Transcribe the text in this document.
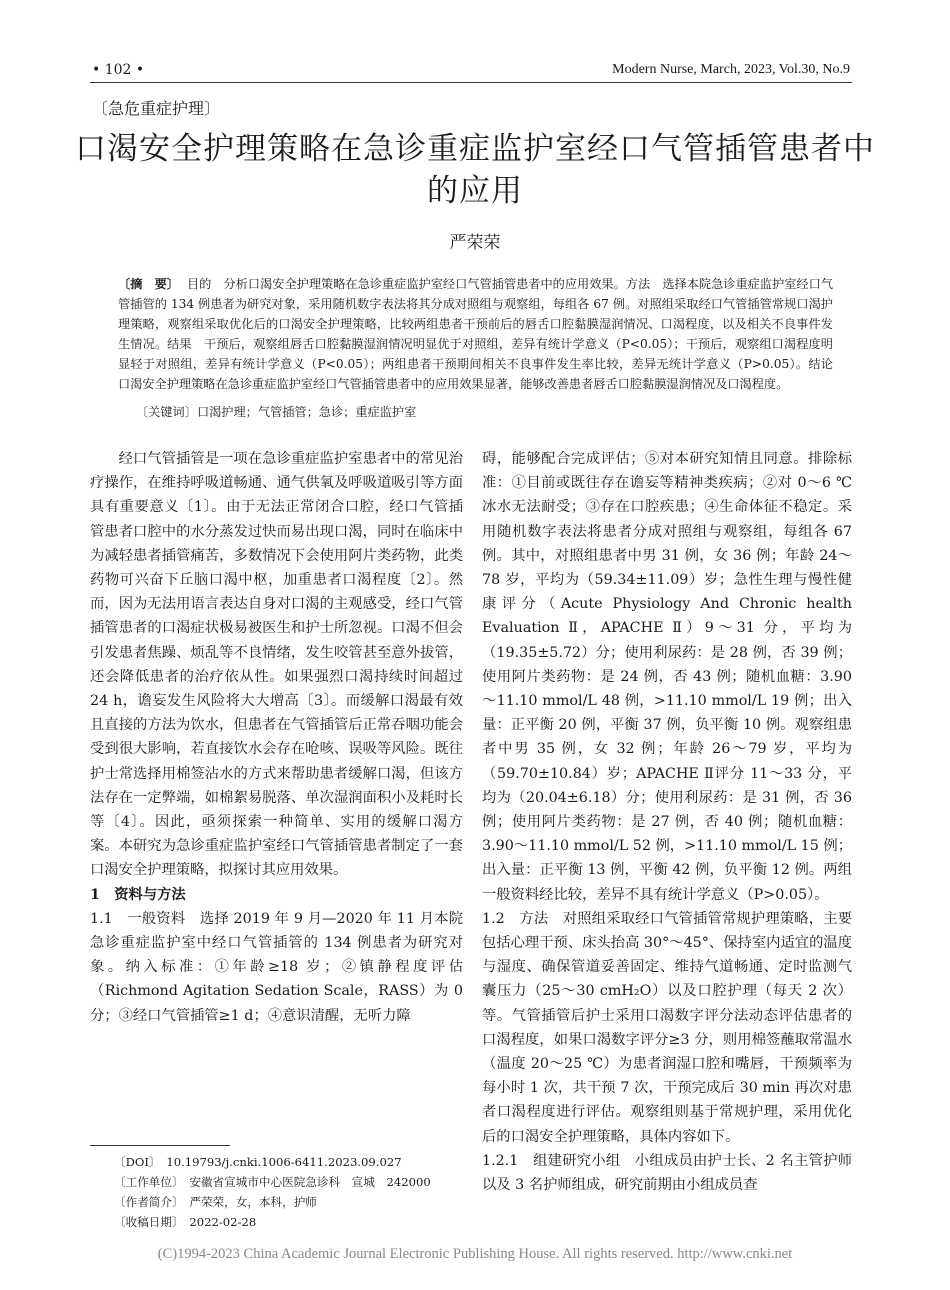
• 102 •	Modern Nurse, March, 2023, Vol.30, No.9
〔急危重症护理〕
口渴安全护理策略在急诊重症监护室经口气管插管患者中的应用
严荣荣
〔摘　要〕 目的　分析口渴安全护理策略在急诊重症监护室经口气管插管患者中的应用效果。方法　选择本院急诊重症监护室经口气管插管的 134 例患者为研究对象，采用随机数字表法将其分成对照组与观察组，每组各 67 例。对照组采取经口气管插管常规口渴护理策略，观察组采取优化后的口渴安全护理策略，比较两组患者干预前后的唇舌口腔黏膜湿润情况、口渴程度，以及相关不良事件发生情况。结果　干预后，观察组唇舌口腔黏膜湿润情况明显优于对照组，差异有统计学意义（P<0.05）；干预后，观察组口渴程度明显轻于对照组，差异有统计学意义（P<0.05）；两组患者干预期间相关不良事件发生率比较，差异无统计学意义（P>0.05）。结论　口渴安全护理策略在急诊重症监护室经口气管插管患者中的应用效果显著，能够改善患者唇舌口腔黏膜湿润情况及口渴程度。
〔关键词〕口渴护理；气管插管；急诊；重症监护室

经口气管插管是一项在急诊重症监护室患者中的常见治疗操作，在维持呼吸道畅通、通气供氧及呼吸道吸引等方面具有重要意义〔1〕。由于无法正常闭合口腔，经口气管插管患者口腔中的水分蒸发过快而易出现口渴，同时在临床中为减轻患者插管痛苦，多数情况下会使用阿片类药物，此类药物可兴奋下丘脑口渴中枢，加重患者口渴程度〔2〕。然而，因为无法用语言表达自身对口渴的主观感受，经口气管插管患者的口渴症状极易被医生和护士所忽视。口渴不但会引发患者焦躁、烦乱等不良情绪，发生咬管甚至意外拔管，还会降低患者的治疗依从性。如果强烈口渴持续时间超过 24 h，谵妄发生风险将大大增高〔3〕。而缓解口渴最有效且直接的方法为饮水，但患者在气管插管后正常吞咽功能会受到很大影响，若直接饮水会存在呛咳、误吸等风险。既往护士常选择用棉签沾水的方式来帮助患者缓解口渴，但该方法存在一定弊端，如棉絮易脱落、单次湿润面积小及耗时长等〔4〕。因此，亟须探索一种简单、实用的缓解口渴方案。本研究为急诊重症监护室经口气管插管患者制定了一套口渴安全护理策略，拟探讨其应用效果。

1　资料与方法

1.1　一般资料　选择 2019 年 9 月—2020 年 11 月本院急诊重症监护室中经口气管插管的 134 例患者为研究对象。纳入标准：①年龄≥18 岁；②镇静程度评估（Richmond Agitation Sedation Scale，RASS）为 0 分；③经口气管插管≥1 d；④意识清醒，无听力障

碍，能够配合完成评估；⑤对本研究知情且同意。排除标准：①目前或既往存在谵妄等精神类疾病；②对 0～6 ℃冰水无法耐受；③存在口腔疾患；④生命体征不稳定。采用随机数字表法将患者分成对照组与观察组，每组各 67 例。其中，对照组患者中男 31 例，女 36 例；年龄 24～78 岁，平均为（59.34±11.09）岁；急性生理与慢性健康评分（Acute Physiology And Chronic health Evaluation Ⅱ，APACHE Ⅱ）9～31 分，平均为（19.35±5.72）分；使用利尿药：是 28 例，否 39 例；使用阿片类药物：是 24 例，否 43 例；随机血糖：3.90～11.10 mmol/L 48 例，>11.10 mmol/L 19 例；出入量：正平衡 20 例，平衡 37 例，负平衡 10 例。观察组患者中男 35 例，女 32 例；年龄 26～79 岁，平均为（59.70±10.84）岁；APACHE Ⅱ评分 11～33 分，平均为（20.04±6.18）分；使用利尿药：是 31 例，否 36 例；使用阿片类药物：是 27 例，否 40 例；随机血糖：3.90～11.10 mmol/L 52 例，>11.10 mmol/L 15 例；出入量：正平衡 13 例，平衡 42 例，负平衡 12 例。两组一般资料经比较，差异不具有统计学意义（P>0.05）。

1.2　方法　对照组采取经口气管插管常规护理策略，主要包括心理干预、床头抬高 30°～45°、保持室内适宜的温度与湿度、确保管道妥善固定、维持气道畅通、定时监测气囊压力（25～30 cmH₂O）以及口腔护理（每天 2 次）等。气管插管后护士采用口渴数字评分法动态评估患者的口渴程度，如果口渴数字评分≥3 分，则用棉签蘸取常温水（温度 20～25 ℃）为患者润湿口腔和嘴唇，干预频率为每小时 1 次，共干预 7 次，干预完成后 30 min 再次对患者口渴程度进行评估。观察组则基于常规护理，采用优化后的口渴安全护理策略，具体内容如下。

1.2.1　组建研究小组　小组成员由护士长、2 名主管护师以及 3 名护师组成，研究前期由小组成员查

〔DOI〕　10.19793/j.cnki.1006-6411.2023.09.027
〔工作单位〕　安徽省宣城市中心医院急诊科　宣城　242000
〔作者简介〕　严荣荣，女，本科，护师
〔收稿日期〕　2022-02-28
(C)1994-2023 China Academic Journal Electronic Publishing House. All rights reserved. http://www.cnki.net
